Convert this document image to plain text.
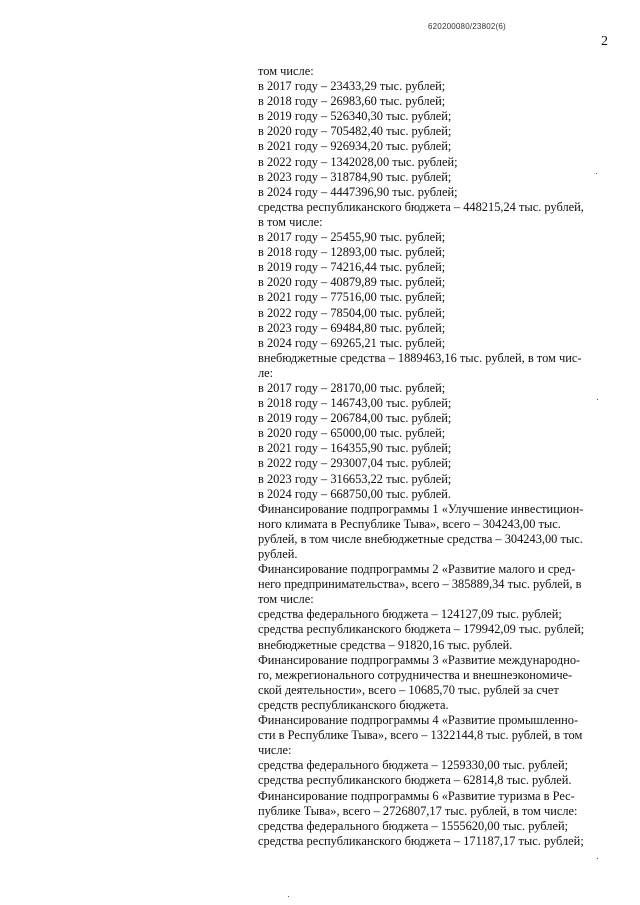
620200080/23802(6)
2
том числе:
в 2017 году – 23433,29 тыс. рублей;
в 2018 году – 26983,60 тыс. рублей;
в 2019 году – 526340,30 тыс. рублей;
в 2020 году – 705482,40 тыс. рублей;
в 2021 году – 926934,20 тыс. рублей;
в 2022 году – 1342028,00 тыс. рублей;
в 2023 году – 318784,90 тыс. рублей;
в 2024 году – 4447396,90 тыс. рублей;
средства республиканского бюджета – 448215,24 тыс. рублей,
в том числе:
в 2017 году – 25455,90 тыс. рублей;
в 2018 году – 12893,00 тыс. рублей;
в 2019 году – 74216,44 тыс. рублей;
в 2020 году – 40879,89 тыс. рублей;
в 2021 году – 77516,00 тыс. рублей;
в 2022 году – 78504,00 тыс. рублей;
в 2023 году – 69484,80 тыс. рублей;
в 2024 году – 69265,21 тыс. рублей;
внебюджетные средства – 1889463,16 тыс. рублей, в том чис-
ле:
в 2017 году – 28170,00 тыс. рублей;
в 2018 году – 146743,00 тыс. рублей;
в 2019 году – 206784,00 тыс. рублей;
в 2020 году – 65000,00 тыс. рублей;
в 2021 году – 164355,90 тыс. рублей;
в 2022 году – 293007,04 тыс. рублей;
в 2023 году – 316653,22 тыс. рублей;
в 2024 году – 668750,00 тыс. рублей.
Финансирование подпрограммы 1 «Улучшение инвестицион-
ного климата в Республике Тыва», всего – 304243,00 тыс.
рублей, в том числе внебюджетные средства – 304243,00 тыс.
рублей.
Финансирование подпрограммы 2 «Развитие малого и сред-
него предпринимательства», всего – 385889,34 тыс. рублей, в
том числе:
средства федерального бюджета – 124127,09 тыс. рублей;
средства республиканского бюджета – 179942,09 тыс. рублей;
внебюджетные средства – 91820,16 тыс. рублей.
Финансирование подпрограммы 3 «Развитие международно-
го, межрегионального сотрудничества и внешнеэкономиче-
ской деятельности», всего – 10685,70 тыс. рублей за счет
средств республиканского бюджета.
Финансирование подпрограммы 4 «Развитие промышленно-
сти в Республике Тыва», всего – 1322144,8 тыс. рублей, в том
числе:
средства федерального бюджета – 1259330,00 тыс. рублей;
средства республиканского бюджета – 62814,8 тыс. рублей.
Финансирование подпрограммы 6 «Развитие туризма в Рес-
публике Тыва», всего – 2726807,17 тыс. рублей, в том числе:
средства федерального бюджета – 1555620,00 тыс. рублей;
средства республиканского бюджета – 171187,17 тыс. рублей;
